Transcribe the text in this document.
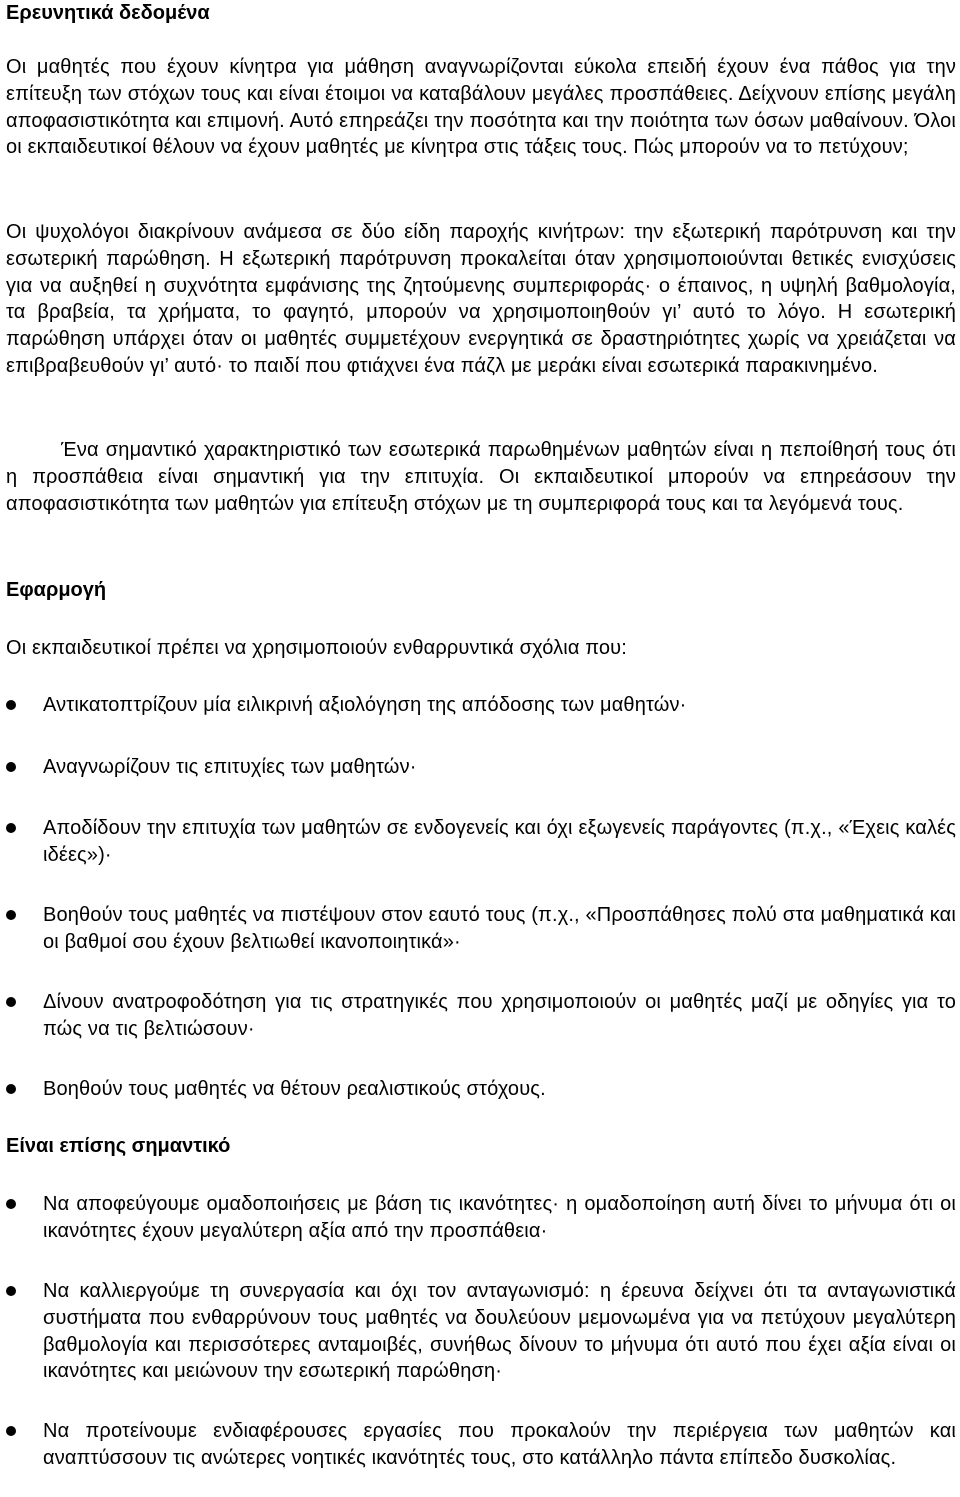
Ερευνητικά δεδομένα

Οι μαθητές που έχουν κίνητρα για μάθηση αναγνωρίζονται εύκολα επειδή έχουν ένα πάθος για την επίτευξη των στόχων τους και είναι έτοιμοι να καταβάλουν μεγάλες προσπάθειες. Δείχνουν επίσης μεγάλη αποφασιστικότητα και επιμονή. Αυτό επηρεάζει την ποσότητα και την ποιότητα των όσων μαθαίνουν. Όλοι οι εκπαιδευτικοί θέλουν να έχουν μαθητές με κίνητρα στις τάξεις τους. Πώς μπορούν να το πετύχουν;

Οι ψυχολόγοι διακρίνουν ανάμεσα σε δύο είδη παροχής κινήτρων: την εξωτερική παρότρυνση και την εσωτερική παρώθηση. Η εξωτερική παρότρυνση προκαλείται όταν χρησιμοποιούνται θετικές ενισχύσεις για να αυξηθεί η συχνότητα εμφάνισης της ζητούμενης συμπεριφοράς· ο έπαινος, η υψηλή βαθμολογία, τα βραβεία, τα χρήματα, το φαγητό, μπορούν να χρησιμοποιηθούν γι’ αυτό το λόγο. Η εσωτερική παρώθηση υπάρχει όταν οι μαθητές συμμετέχουν ενεργητικά σε δραστηριότητες χωρίς να χρειάζεται να επιβραβευθούν γι’ αυτό· το παιδί που φτιάχνει ένα πάζλ με μεράκι είναι εσωτερικά παρακινημένο.

Ένα σημαντικό χαρακτηριστικό των εσωτερικά παρωθημένων μαθητών είναι η πεποίθησή τους ότι η προσπάθεια είναι σημαντική για την επιτυχία. Οι εκπαιδευτικοί μπορούν να επηρεάσουν την αποφασιστικότητα των μαθητών για επίτευξη στόχων με τη συμπεριφορά τους και τα λεγόμενά τους.

Εφαρμογή

Οι εκπαιδευτικοί πρέπει να χρησιμοποιούν ενθαρρυντικά σχόλια που:

Αντικατοπτρίζουν μία ειλικρινή αξιολόγηση της απόδοσης των μαθητών·
Αναγνωρίζουν τις επιτυχίες των μαθητών·
Αποδίδουν την επιτυχία των μαθητών σε ενδογενείς και όχι εξωγενείς παράγοντες (π.χ., «Έχεις καλές ιδέες»)·
Βοηθούν τους μαθητές να πιστέψουν στον εαυτό τους (π.χ., «Προσπάθησες πολύ στα μαθηματικά και οι βαθμοί σου έχουν βελτιωθεί ικανοποιητικά»·
Δίνουν ανατροφοδότηση για τις στρατηγικές που χρησιμοποιούν οι μαθητές μαζί με οδηγίες για το πώς να τις βελτιώσουν·
Βοηθούν τους μαθητές να θέτουν ρεαλιστικούς στόχους.
Είναι επίσης σημαντικό
Να αποφεύγουμε ομαδοποιήσεις με βάση τις ικανότητες· η ομαδοποίηση αυτή δίνει το μήνυμα ότι οι ικανότητες έχουν μεγαλύτερη αξία από την προσπάθεια·
Να καλλιεργούμε τη συνεργασία και όχι τον ανταγωνισμό: η έρευνα δείχνει ότι τα ανταγωνιστικά συστήματα που ενθαρρύνουν τους μαθητές να δουλεύουν μεμονωμένα για να πετύχουν μεγαλύτερη βαθμολογία και περισσότερες ανταμοιβές, συνήθως δίνουν το μήνυμα ότι αυτό που έχει αξία είναι οι ικανότητες και μειώνουν την εσωτερική παρώθηση·
Να προτείνουμε ενδιαφέρουσες εργασίες που προκαλούν την περιέργεια των μαθητών και αναπτύσσουν τις ανώτερες νοητικές ικανότητές τους, στο κατάλληλο πάντα επίπεδο δυσκολίας.
